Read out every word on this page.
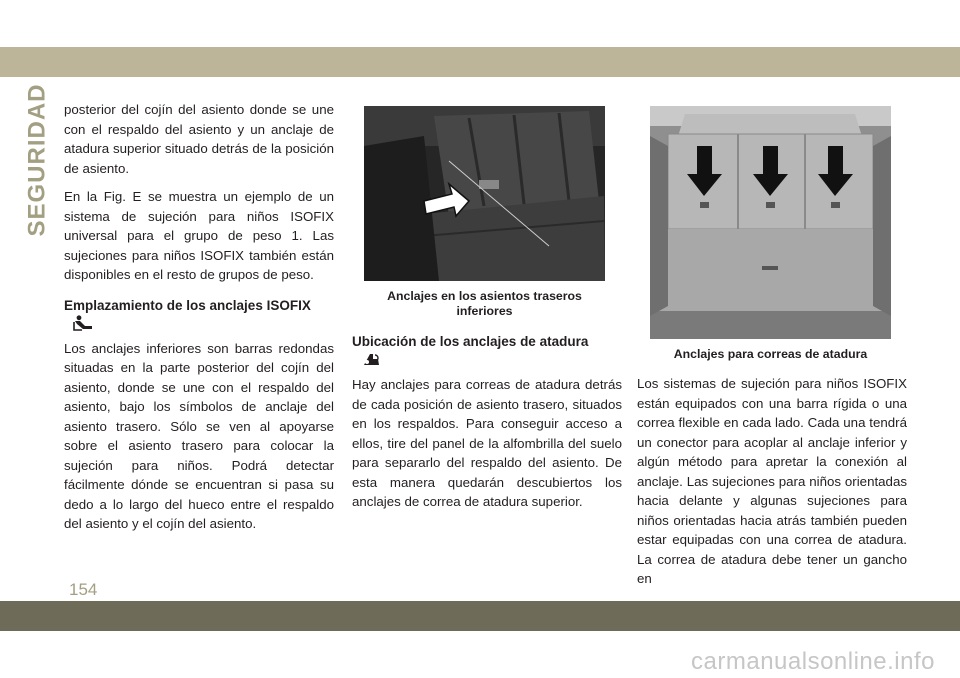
SEGURIDAD posterior del cojín del asiento donde se une con el respaldo del asiento y un anclaje de atadura superior situado detrás de la posición de asiento.

En la Fig. E se muestra un ejemplo de un sistema de sujeción para niños ISOFIX universal para el grupo de peso 1. Las sujeciones para niños ISOFIX también están disponibles en el resto de grupos de peso.

Emplazamiento de los anclajes ISOFIX

Los anclajes inferiores son barras redondas situadas en la parte posterior del cojín del asiento, donde se une con el respaldo del asiento, bajo los símbolos de anclaje del asiento trasero. Sólo se ven al apoyarse sobre el asiento trasero para colocar la sujeción para niños. Podrá detectar fácilmente dónde se encuentran si pasa su dedo a lo largo del hueco entre el respaldo del asiento y el cojín del asiento.

Anclajes en los asientos traseros inferiores
Ubicación de los anclajes de atadura

Hay anclajes para correas de atadura detrás de cada posición de asiento trasero, situados en los respaldos. Para conseguir acceso a ellos, tire del panel de la alfombrilla del suelo para separarlo del respaldo del asiento. De esta manera quedarán descubiertos los anclajes de correa de atadura superior.

Anclajes para correas de atadura

Los sistemas de sujeción para niños ISOFIX están equipados con una barra rígida o una correa flexible en cada lado. Cada una tendrá un conector para acoplar al anclaje inferior y algún método para apretar la conexión al anclaje. Las sujeciones para niños orientadas hacia delante y algunas sujeciones para niños orientadas hacia atrás también pueden estar equipadas con una correa de atadura. La correa de atadura debe tener un gancho en

154
carmanualsonline.info
